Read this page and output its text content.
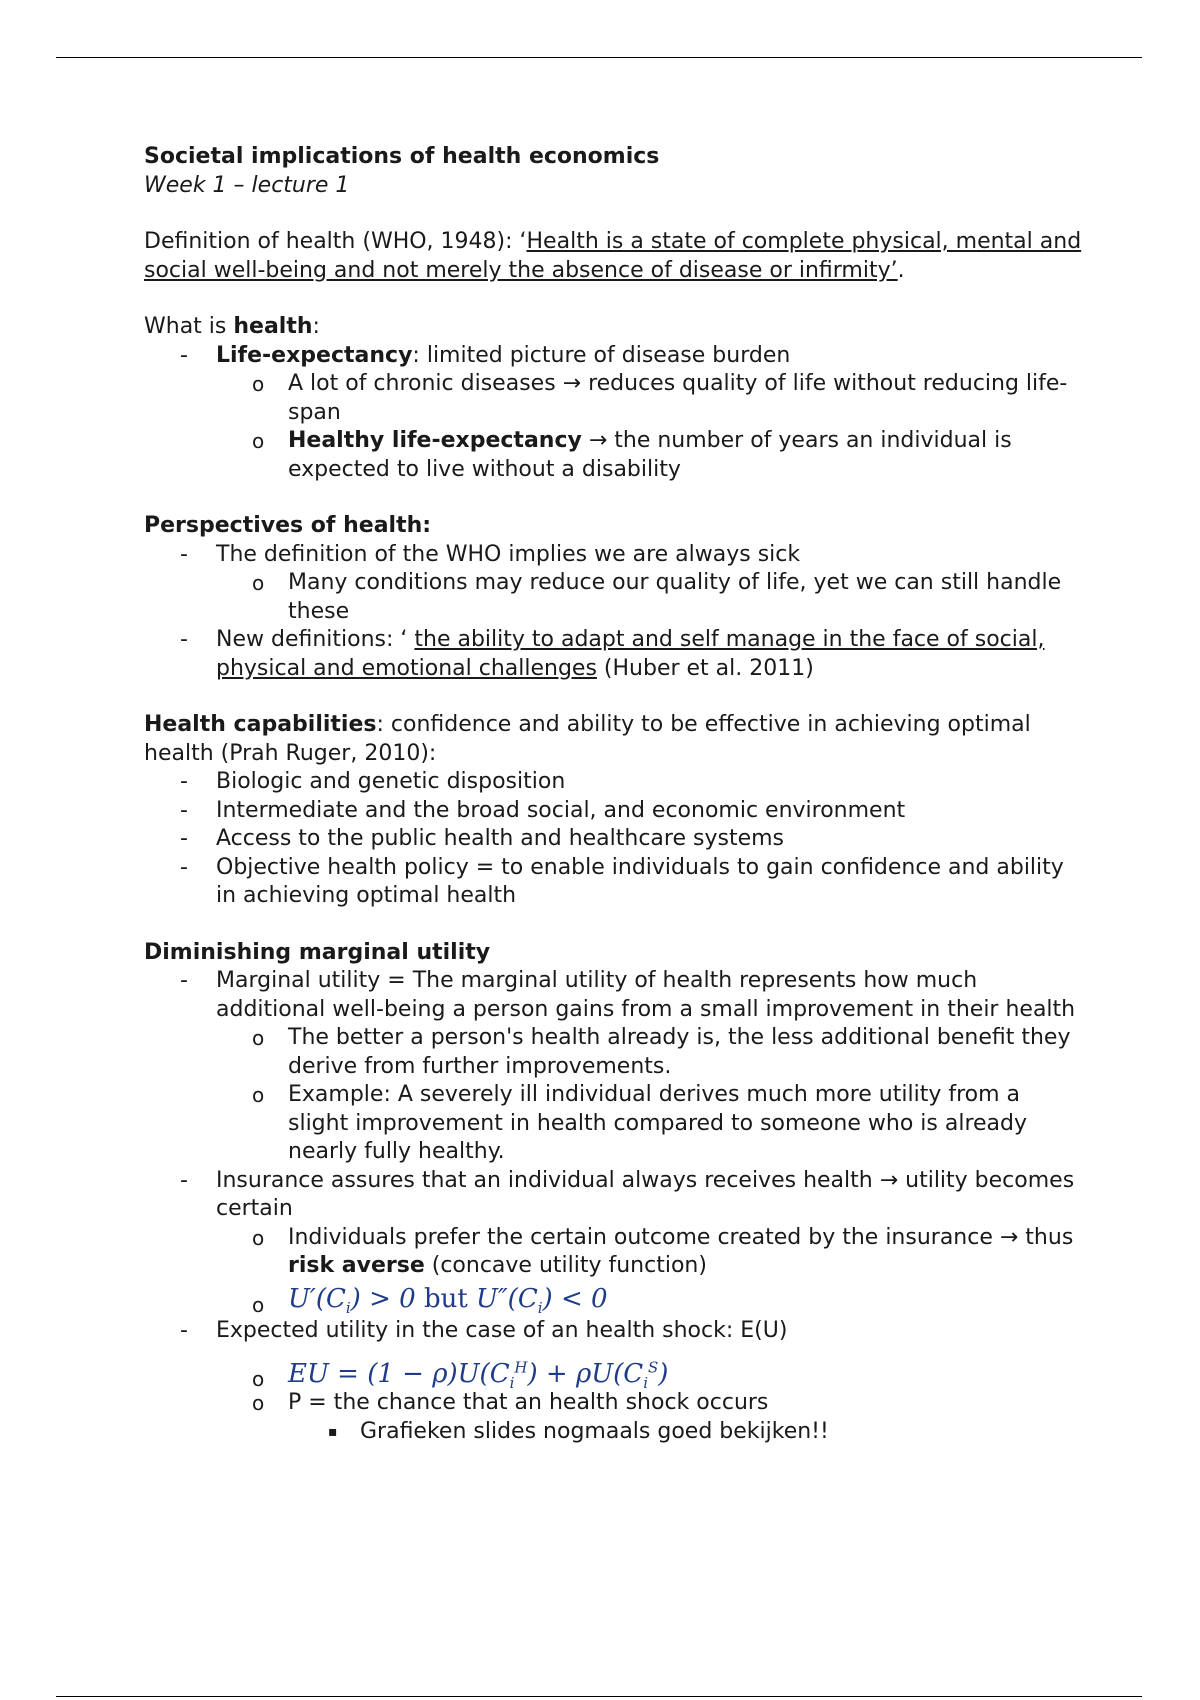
Societal implications of health economics

Week 1 – lecture 1

Definition of health (WHO, 1948): ‘Health is a state of complete physical, mental and social well-being and not merely the absence of disease or infirmity’.

What is health:

- Life-expectancy: limited picture of disease burden
o A lot of chronic diseases → reduces quality of life without reducing life-span
o Healthy life-expectancy → the number of years an individual is expected to live without a disability

Perspectives of health:

- The definition of the WHO implies we are always sick
o Many conditions may reduce our quality of life, yet we can still handle these
- New definitions: ‘ the ability to adapt and self manage in the face of social, physical and emotional challenges (Huber et al. 2011)

Health capabilities: confidence and ability to be effective in achieving optimal health (Prah Ruger, 2010):

- Biologic and genetic disposition
- Intermediate and the broad social, and economic environment
- Access to the public health and healthcare systems
- Objective health policy = to enable individuals to gain confidence and ability in achieving optimal health

Diminishing marginal utility

- Marginal utility = The marginal utility of health represents how much additional well-being a person gains from a small improvement in their health
o The better a person's health already is, the less additional benefit they derive from further improvements.
o Example: A severely ill individual derives much more utility from a slight improvement in health compared to someone who is already nearly fully healthy.
- Insurance assures that an individual always receives health → utility becomes certain
o Individuals prefer the certain outcome created by the insurance → thus risk averse (concave utility function)
o $U'(C_i) > 0$ but $U''(C_i) < 0$
- Expected utility in the case of an health shock: E(U)
o EU = $(1 - \rho)U(C_i^H) + \rho U(C_i^S)$
o P = the chance that an health shock occurs
▪ Grafieken slides nogmaals goed bekijken!!
